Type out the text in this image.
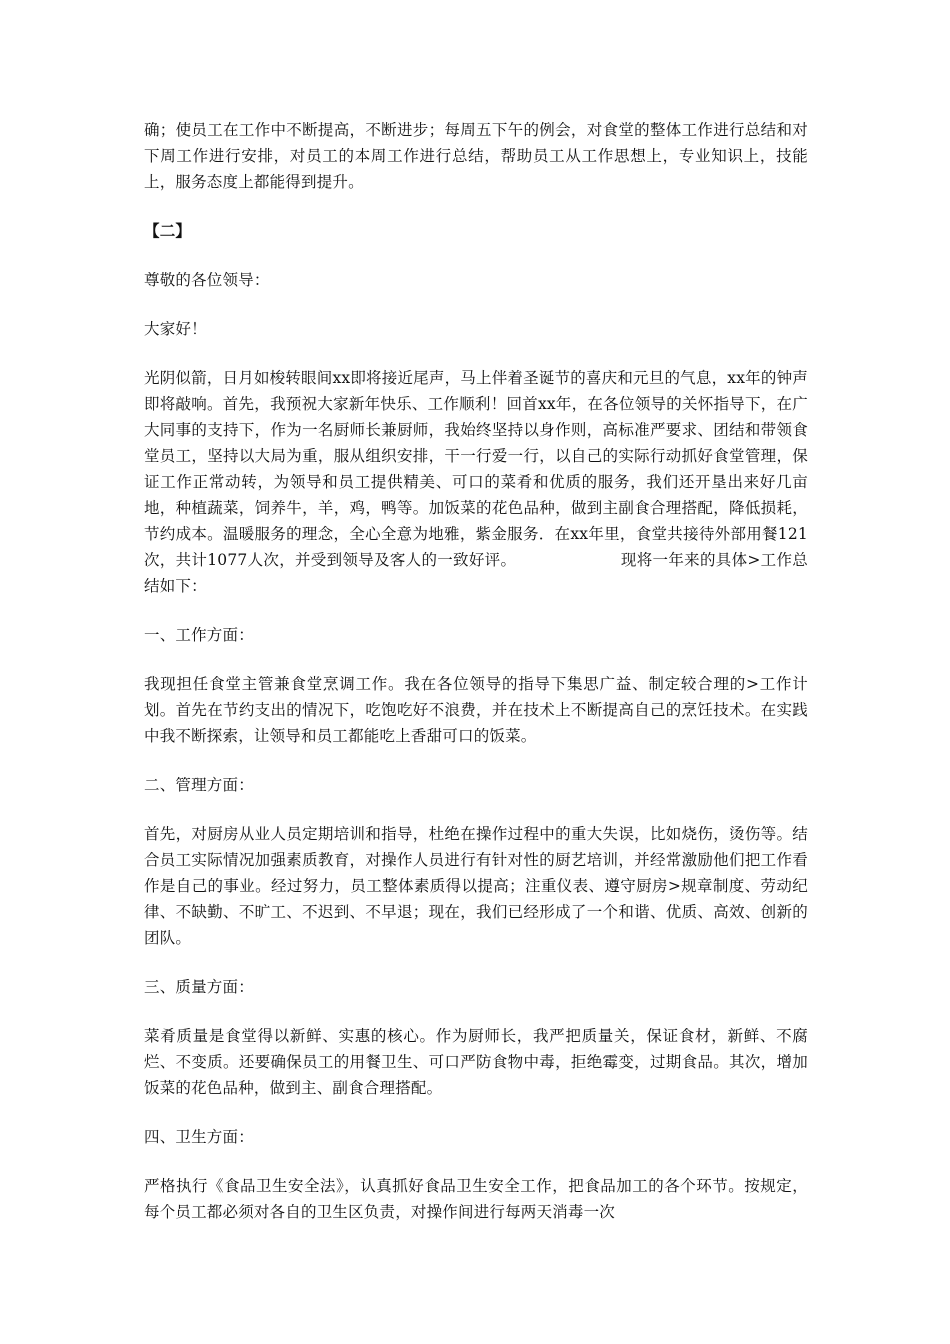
确；使员工在工作中不断提高，不断进步；每周五下午的例会，对食堂的整体工作进行总结和对下周工作进行安排，对员工的本周工作进行总结，帮助员工从工作思想上，专业知识上，技能上，服务态度上都能得到提升。

【二】

尊敬的各位领导：

大家好！

光阴似箭，日月如梭转眼间xx即将接近尾声，马上伴着圣诞节的喜庆和元旦的气息，xx年的钟声即将敲响。首先，我预祝大家新年快乐、工作顺利！回首xx年，在各位领导的关怀指导下，在广大同事的支持下，作为一名厨师长兼厨师，我始终坚持以身作则，高标准严要求、团结和带领食堂员工，坚持以大局为重，服从组织安排，干一行爱一行，以自己的实际行动抓好食堂管理，保证工作正常动转，为领导和员工提供精美、可口的菜肴和优质的服务，我们还开垦出来好几亩地，种植蔬菜，饲养牛，羊，鸡，鸭等。加饭菜的花色品种，做到主副食合理搭配，降低损耗，节约成本。温暖服务的理念，全心全意为地雅，紫金服务．在xx年里，食堂共接待外部用餐121次，共计1077人次，并受到领导及客人的一致好评。                    现将一年来的具体>工作总结如下：

一、工作方面：

我现担任食堂主管兼食堂烹调工作。我在各位领导的指导下集思广益、制定较合理的>工作计划。首先在节约支出的情况下，吃饱吃好不浪费，并在技术上不断提高自己的烹饪技术。在实践中我不断探索，让领导和员工都能吃上香甜可口的饭菜。

二、管理方面：

首先，对厨房从业人员定期培训和指导，杜绝在操作过程中的重大失误，比如烧伤，烫伤等。结合员工实际情况加强素质教育，对操作人员进行有针对性的厨艺培训，并经常激励他们把工作看作是自己的事业。经过努力，员工整体素质得以提高；注重仪表、遵守厨房>规章制度、劳动纪律、不缺勤、不旷工、不迟到、不早退；现在，我们已经形成了一个和谐、优质、高效、创新的团队。

三、质量方面：

菜肴质量是食堂得以新鲜、实惠的核心。作为厨师长，我严把质量关，保证食材，新鲜、不腐烂、不变质。还要确保员工的用餐卫生、可口严防食物中毒，拒绝霉变，过期食品。其次，增加饭菜的花色品种，做到主、副食合理搭配。

四、卫生方面：

严格执行《食品卫生安全法》，认真抓好食品卫生安全工作，把食品加工的各个环节。按规定，每个员工都必须对各自的卫生区负责，对操作间进行每两天消毒一次
